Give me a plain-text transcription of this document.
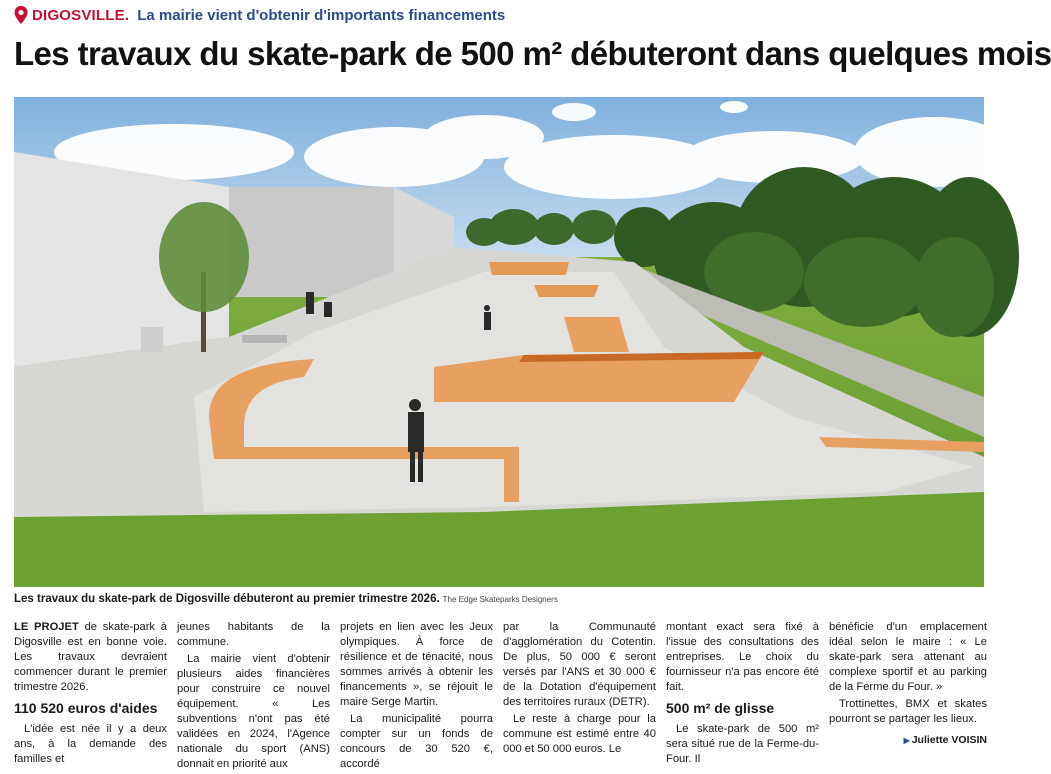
DIGOSVILLE. La mairie vient d'obtenir d'importants financements
Les travaux du skate-park de 500 m² débuteront dans quelques mois
Les travaux du skate-park de Digosville débuteront au premier trimestre 2026. The Edge Skateparks Designers

LE PROJET de skate-park à Digosville est en bonne voie. Les travaux devraient commencer durant le premier trimestre 2026.

110 520 euros d'aides

L'idée est née il y a deux ans, à la demande des familles et

jeunes habitants de la commune.

La mairie vient d'obtenir plusieurs aides financières pour construire ce nouvel équipement. « Les subventions n'ont pas été validées en 2024, l'Agence nationale du sport (ANS) donnait en priorité aux

projets en lien avec les Jeux olympiques. À force de résilience et de ténacité, nous sommes arrivés à obtenir les financements », se réjouit le maire Serge Martin.

La municipalité pourra compter sur un fonds de concours de 30 520 €, accordé

par la Communauté d'agglomération du Cotentin. De plus, 50 000 € seront versés par l'ANS et 30 000 € de la Dotation d'équipement des territoires ruraux (DETR).

Le reste à charge pour la commune est estimé entre 40 000 et 50 000 euros. Le

montant exact sera fixé à l'issue des consultations des entreprises. Le choix du fournisseur n'a pas encore été fait.

500 m² de glisse

Le skate-park de 500 m² sera situé rue de la Ferme-du-Four. Il

bénéficie d'un emplacement idéal selon le maire : « Le skate-park sera attenant au complexe sportif et au parking de la Ferme du Four. »

Trottinettes, BMX et skates pourront se partager les lieux.

▶ Juliette VOISIN
